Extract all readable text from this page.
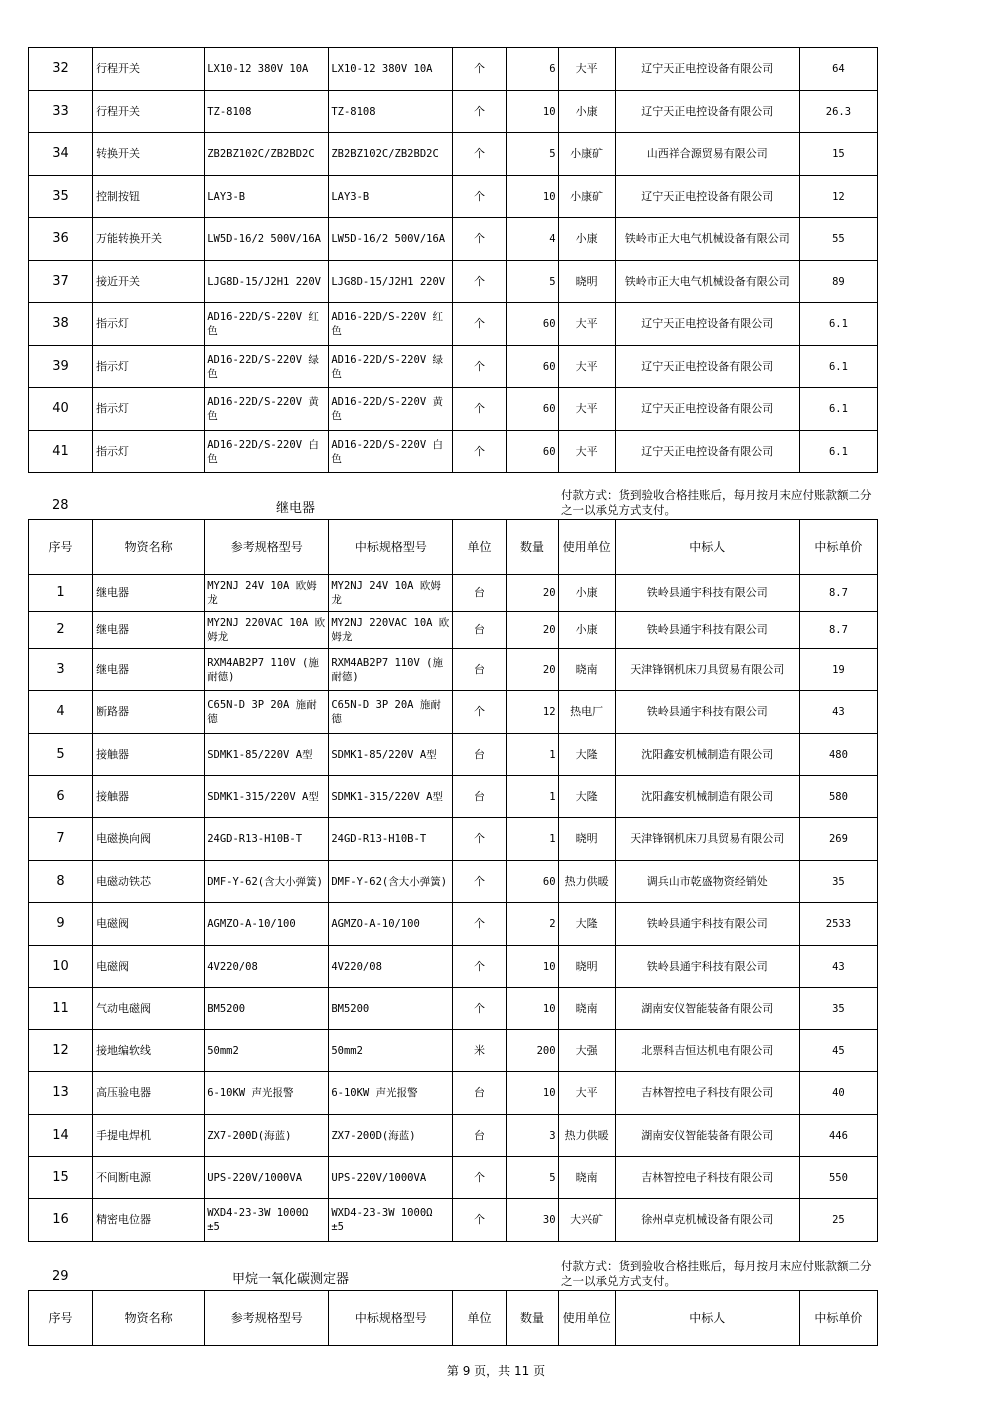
32	行程开关	LX10-12 380V 10A	LX10-12 380V 10A	个	6	大平	辽宁天正电控设备有限公司	64
33	行程开关	TZ-8108	TZ-8108	个	10	小康	辽宁天正电控设备有限公司	26.3
34	转换开关	ZB2BZ102C/ZB2BD2C	ZB2BZ102C/ZB2BD2C	个	5	小康矿	山西祥合源贸易有限公司	15
35	控制按钮	LAY3-B	LAY3-B	个	10	小康矿	辽宁天正电控设备有限公司	12
36	万能转换开关	LW5D-16/2 500V/16A	LW5D-16/2 500V/16A	个	4	小康	铁岭市正大电气机械设备有限公司	55
37	接近开关	LJG8D-15/J2H1 220V	LJG8D-15/J2H1 220V	个	5	晓明	铁岭市正大电气机械设备有限公司	89
38	指示灯	AD16-22D/S-220V 红色	AD16-22D/S-220V 红色	个	60	大平	辽宁天正电控设备有限公司	6.1
39	指示灯	AD16-22D/S-220V 绿色	AD16-22D/S-220V 绿色	个	60	大平	辽宁天正电控设备有限公司	6.1
40	指示灯	AD16-22D/S-220V 黄色	AD16-22D/S-220V 黄色	个	60	大平	辽宁天正电控设备有限公司	6.1
41	指示灯	AD16-22D/S-220V 白色	AD16-22D/S-220V 白色	个	60	大平	辽宁天正电控设备有限公司	6.1
28	继电器
付款方式：货到验收合格挂账后，每月按月末应付账款额二分之一以承兑方式支付。
序号	物资名称	参考规格型号	中标规格型号	单位	数量	使用单位	中标人	中标单价
1	继电器	MY2NJ 24V 10A 欧姆龙	MY2NJ 24V 10A 欧姆龙	台	20	小康	铁岭县通宇科技有限公司	8.7
2	继电器	MY2NJ 220VAC 10A 欧姆龙	MY2NJ 220VAC 10A 欧姆龙	台	20	小康	铁岭县通宇科技有限公司	8.7
3	继电器	RXM4AB2P7 110V (施耐德)	RXM4AB2P7 110V (施耐德)	台	20	晓南	天津锋钢机床刀具贸易有限公司	19
4	断路器	C65N-D 3P 20A 施耐德	C65N-D 3P 20A 施耐德	个	12	热电厂	铁岭县通宇科技有限公司	43
5	接触器	SDMK1-85/220V A型	SDMK1-85/220V A型	台	1	大隆	沈阳鑫安机械制造有限公司	480
6	接触器	SDMK1-315/220V A型	SDMK1-315/220V A型	台	1	大隆	沈阳鑫安机械制造有限公司	580
7	电磁换向阀	24GD-R13-H10B-T	24GD-R13-H10B-T	个	1	晓明	天津锋钢机床刀具贸易有限公司	269
8	电磁动铁芯	DMF-Y-62(含大小弹簧)	DMF-Y-62(含大小弹簧)	个	60	热力供暖	调兵山市乾盛物资经销处	35
9	电磁阀	AGMZO-A-10/100	AGMZO-A-10/100	个	2	大隆	铁岭县通宇科技有限公司	2533
10	电磁阀	4V220/08	4V220/08	个	10	晓明	铁岭县通宇科技有限公司	43
11	气动电磁阀	BM5200	BM5200	个	10	晓南	湖南安仪智能装备有限公司	35
12	接地编软线	50mm2	50mm2	米	200	大强	北票科吉恒达机电有限公司	45
13	高压验电器	6-10KW 声光报警	6-10KW 声光报警	台	10	大平	吉林智控电子科技有限公司	40
14	手提电焊机	ZX7-200D(海蓝)	ZX7-200D(海蓝)	台	3	热力供暖	湖南安仪智能装备有限公司	446
15	不间断电源	UPS-220V/1000VA	UPS-220V/1000VA	个	5	晓南	吉林智控电子科技有限公司	550
16	精密电位器	WXD4-23-3W 1000Ω ±5	WXD4-23-3W 1000Ω ±5	个	30	大兴矿	徐州卓克机械设备有限公司	25
29	甲烷一氧化碳测定器
付款方式：货到验收合格挂账后，每月按月末应付账款额二分之一以承兑方式支付。
序号	物资名称	参考规格型号	中标规格型号	单位	数量	使用单位	中标人	中标单价
第 9 页，共 11 页
